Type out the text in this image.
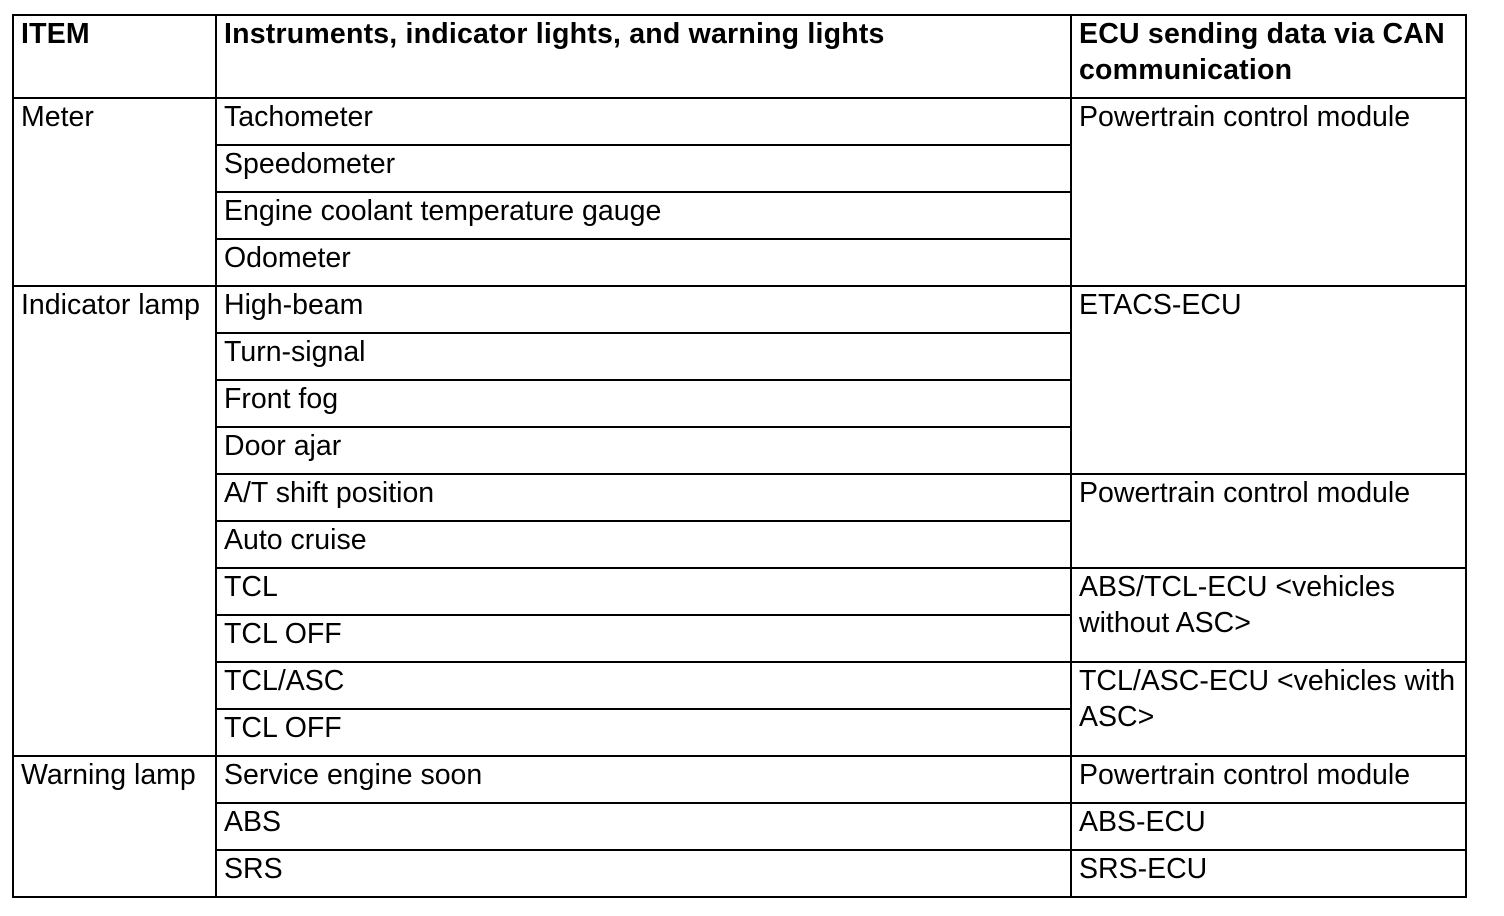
ITEM	Instruments, indicator lights, and warning lights	ECU sending data via CAN communication
Meter	Tachometer	Powertrain control module
	Speedometer	
	Engine coolant temperature gauge	
	Odometer	
Indicator lamp	High-beam	ETACS-ECU
	Turn-signal	
	Front fog	
	Door ajar	
	A/T shift position	Powertrain control module
	Auto cruise	
	TCL	ABS/TCL-ECU <vehicles without ASC>
	TCL OFF	
	TCL/ASC	TCL/ASC-ECU <vehicles with ASC>
	TCL OFF	
Warning lamp	Service engine soon	Powertrain control module
	ABS	ABS-ECU
	SRS	SRS-ECU
